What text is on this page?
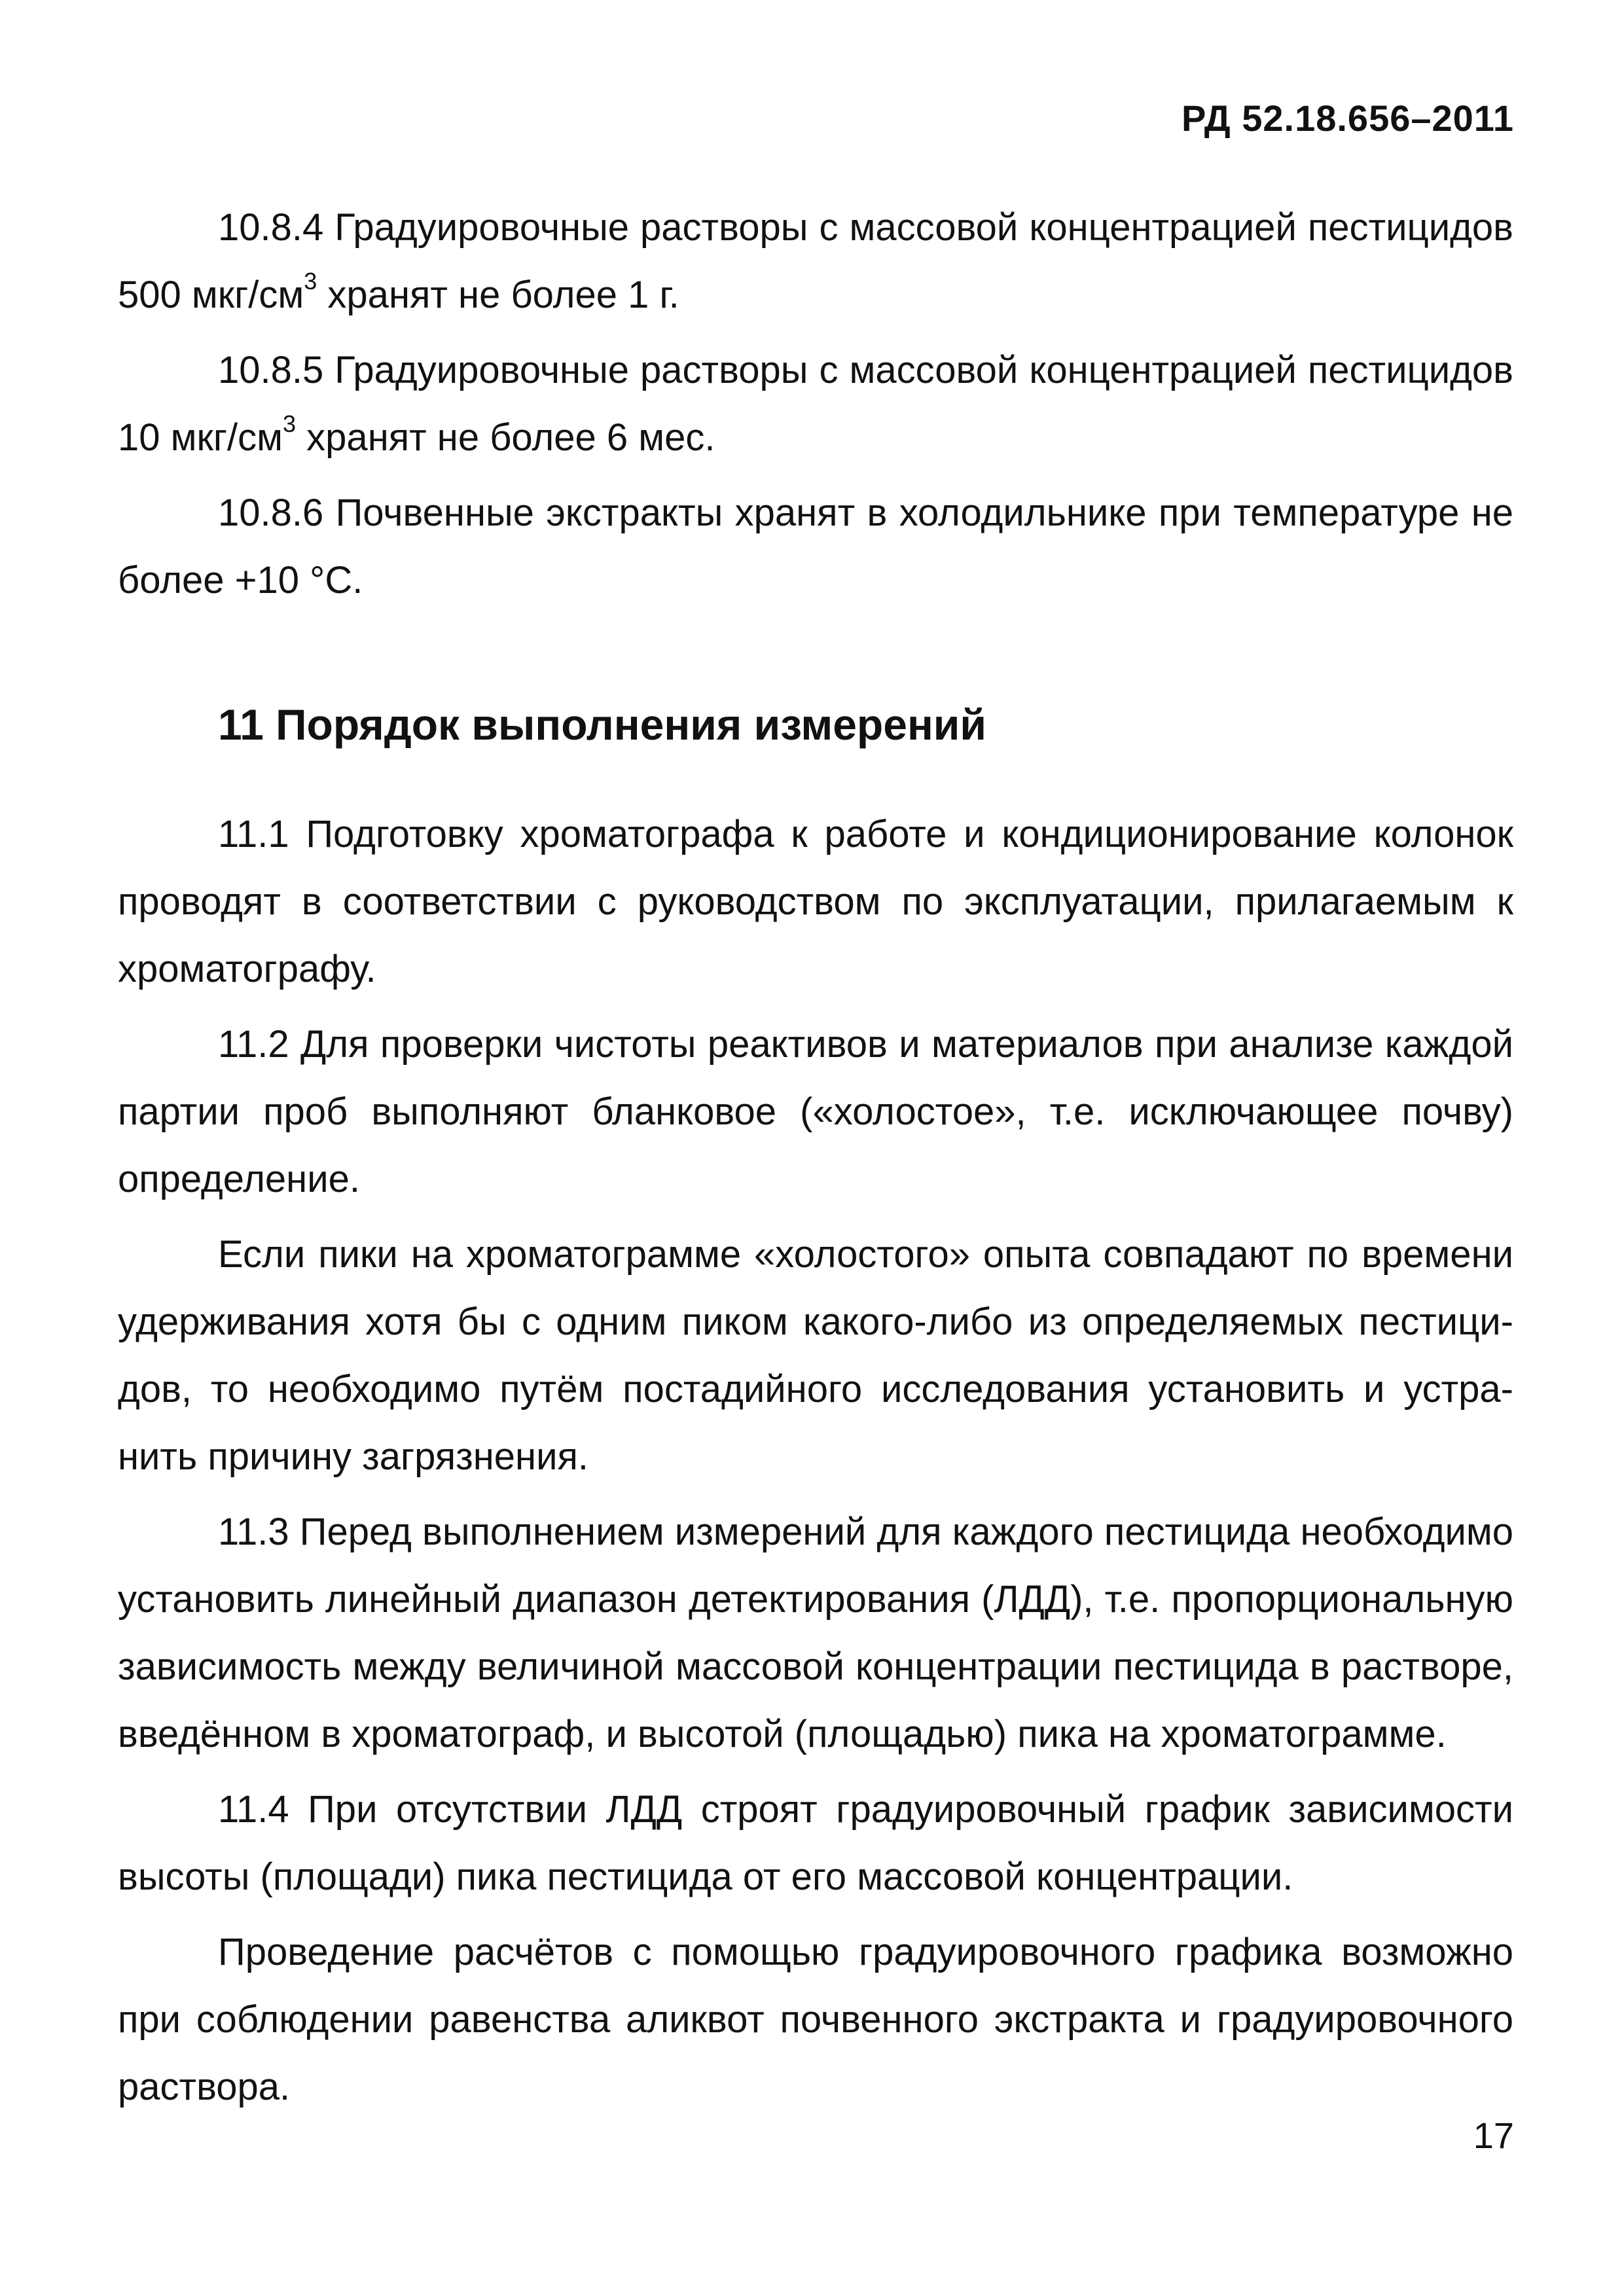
РД 52.18.656–2011

10.8.4 Градуировочные растворы с массовой концентрацией пестицидов 500 мкг/$см^3$ хранят не более 1 г.

10.8.5 Градуировочные растворы с массовой концентрацией пестицидов 10 мкг/$см^3$ хранят не более 6 мес.

10.8.6 Почвенные экстракты хранят в холодильнике при температуре не более +10 °С.

11 Порядок выполнения измерений

11.1 Подготовку хроматографа к работе и кондиционирование колонок проводят в соответствии с руководством по эксплуатации, прилагаемым к хроматографу.

11.2 Для проверки чистоты реактивов и материалов при анализе каждой партии проб выполняют бланковое («холостое», т.е. исключающее почву) определение.

Если пики на хроматограмме «холостого» опыта совпадают по времени удерживания хотя бы с одним пиком какого-либо из определяемых пестицидов, то необходимо путём постадийного исследования установить и устранить причину загрязнения.

11.3 Перед выполнением измерений для каждого пестицида необходимо установить линейный диапазон детектирования (ЛДД), т.е. пропорциональную зависимость между величиной массовой концентрации пестицида в растворе, введённом в хроматограф, и высотой (площадью) пика на хроматограмме.

11.4 При отсутствии ЛДД строят градуировочный график зависимости высоты (площади) пика пестицида от его массовой концентрации.

Проведение расчётов с помощью градуировочного графика возможно при соблюдении равенства аликвот почвенного экстракта и градуировочного раствора.

17
